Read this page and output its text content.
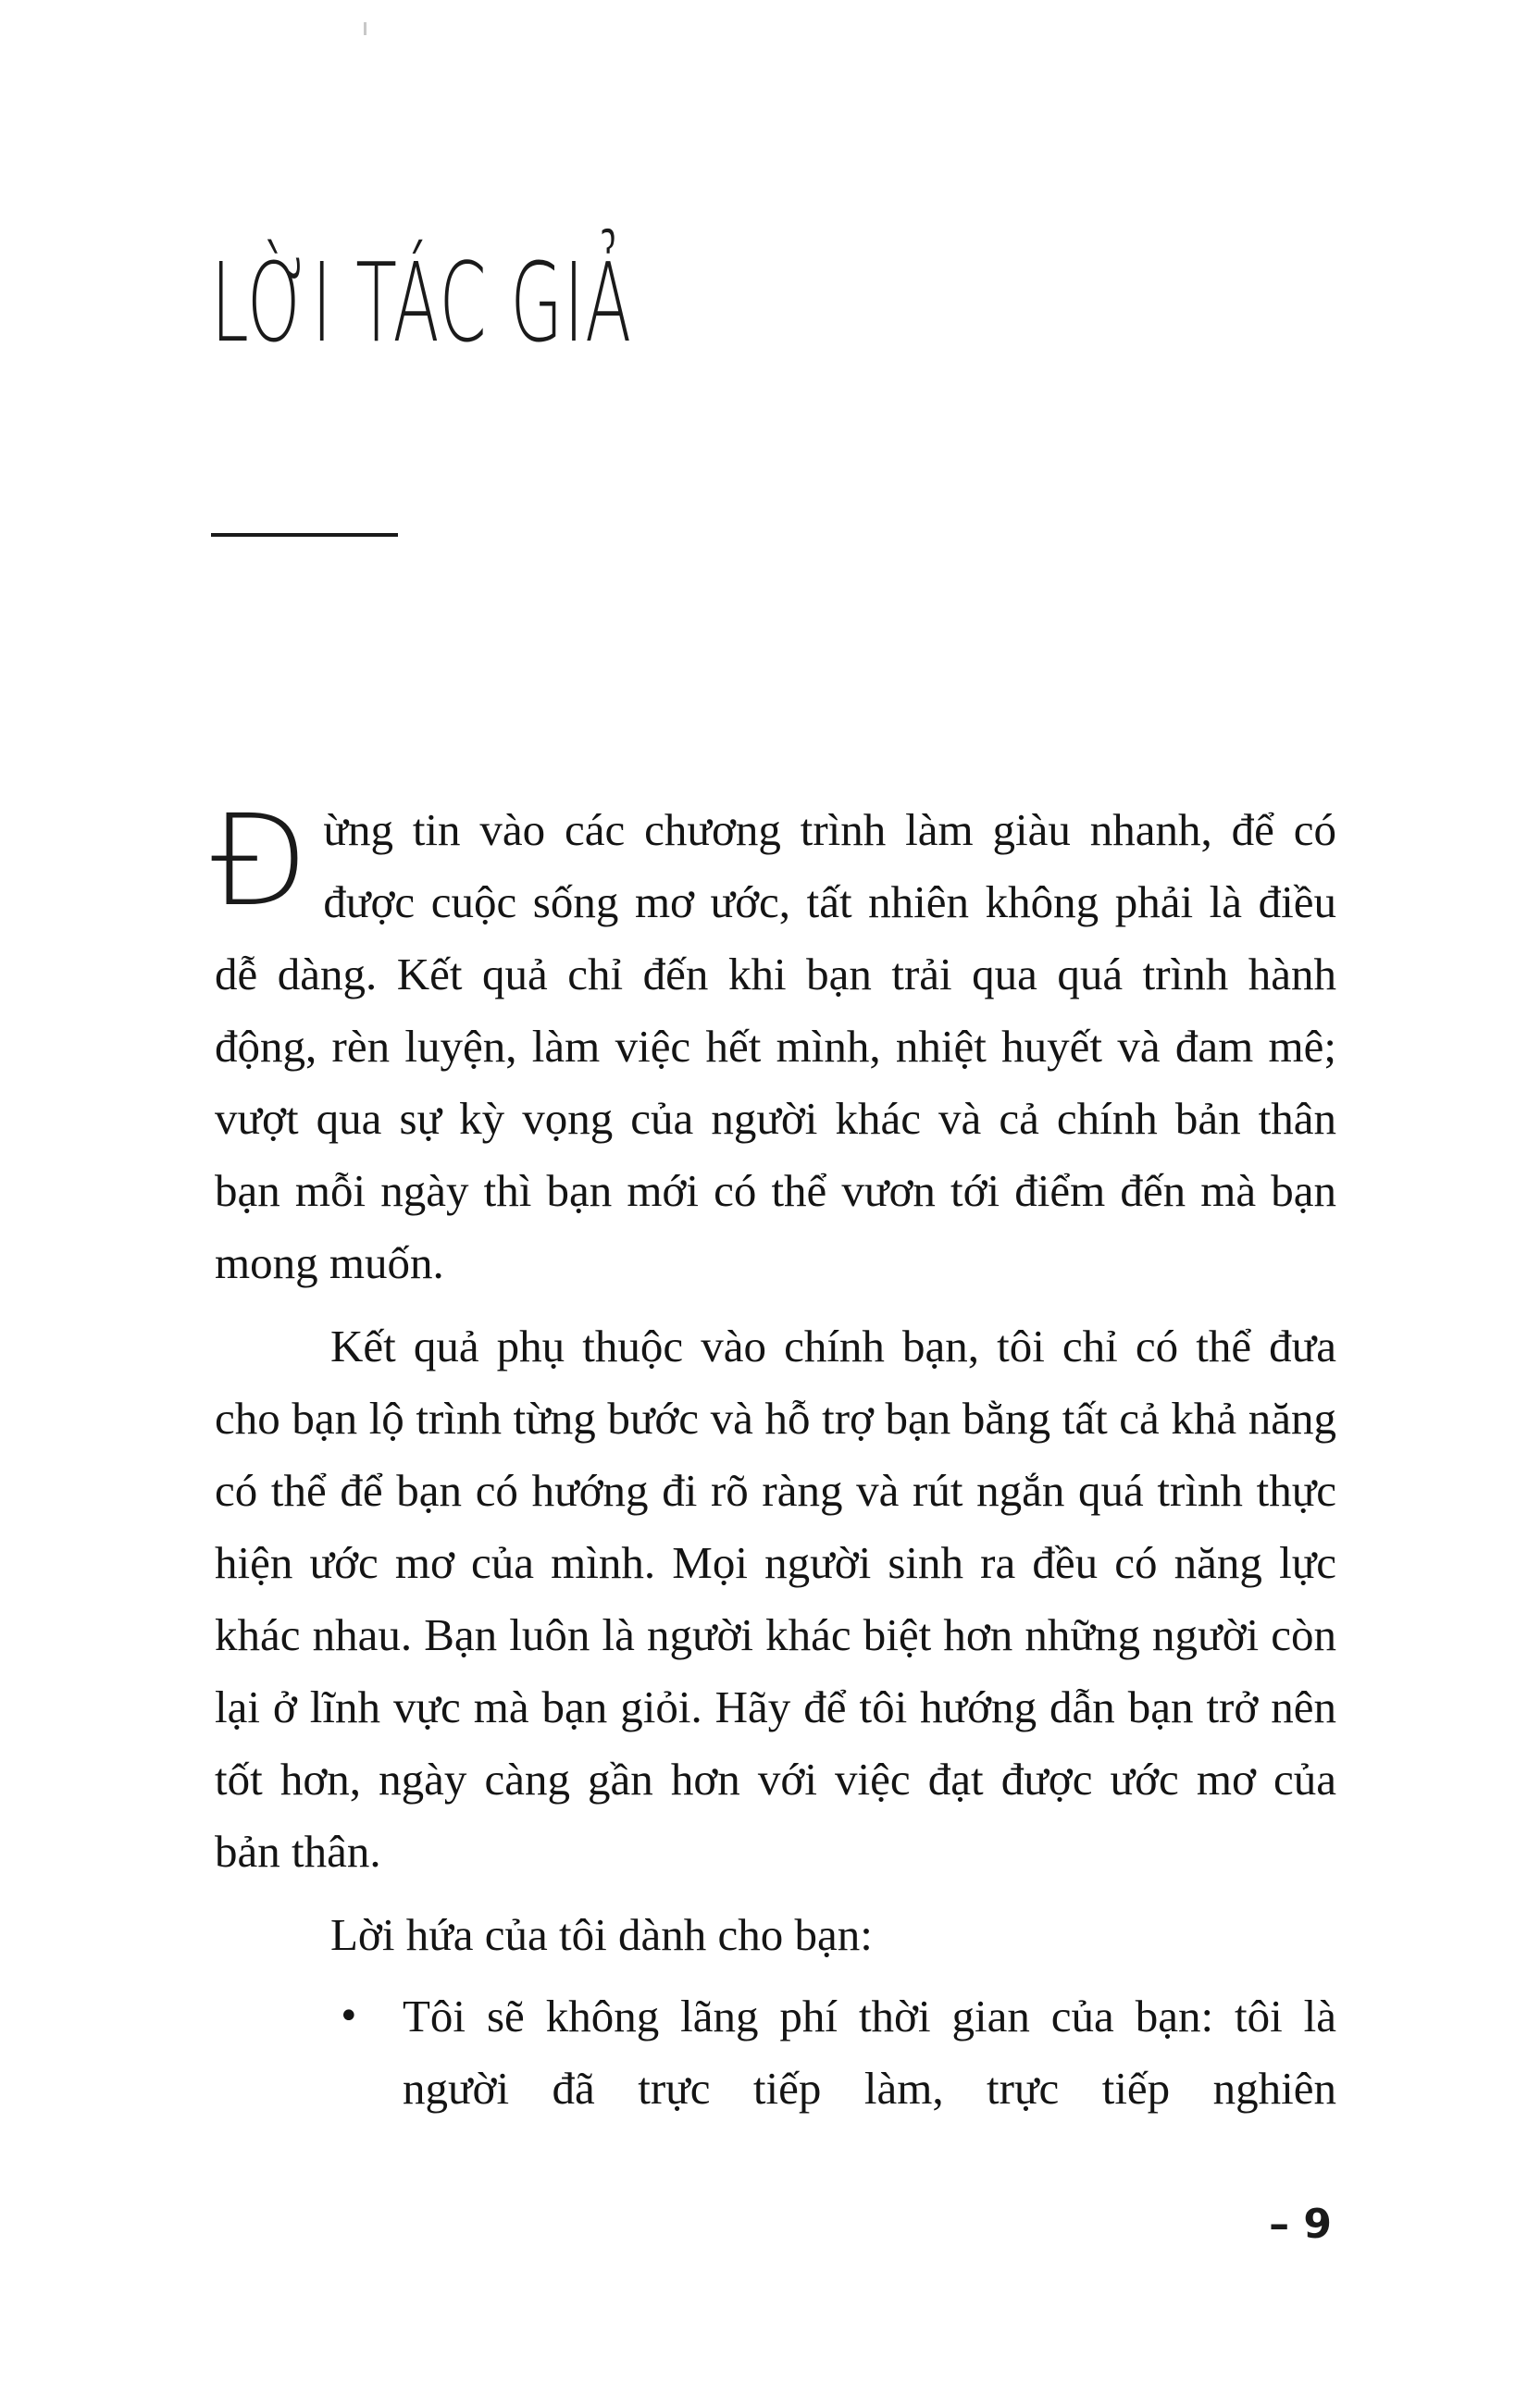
LỜI TÁC GIẢ

Đừng tin vào các chương trình làm giàu nhanh, để có được cuộc sống mơ ước, tất nhiên không phải là điều dễ dàng. Kết quả chỉ đến khi bạn trải qua quá trình hành động, rèn luyện, làm việc hết mình, nhiệt huyết và đam mê; vượt qua sự kỳ vọng của người khác và cả chính bản thân bạn mỗi ngày thì bạn mới có thể vươn tới điểm đến mà bạn mong muốn.

Kết quả phụ thuộc vào chính bạn, tôi chỉ có thể đưa cho bạn lộ trình từng bước và hỗ trợ bạn bằng tất cả khả năng có thể để bạn có hướng đi rõ ràng và rút ngắn quá trình thực hiện ước mơ của mình. Mọi người sinh ra đều có năng lực khác nhau. Bạn luôn là người khác biệt hơn những người còn lại ở lĩnh vực mà bạn giỏi. Hãy để tôi hướng dẫn bạn trở nên tốt hơn, ngày càng gần hơn với việc đạt được ước mơ của bản thân.

Lời hứa của tôi dành cho bạn:

• Tôi sẽ không lãng phí thời gian của bạn: tôi là người đã trực tiếp làm, trực tiếp nghiên
– 9
